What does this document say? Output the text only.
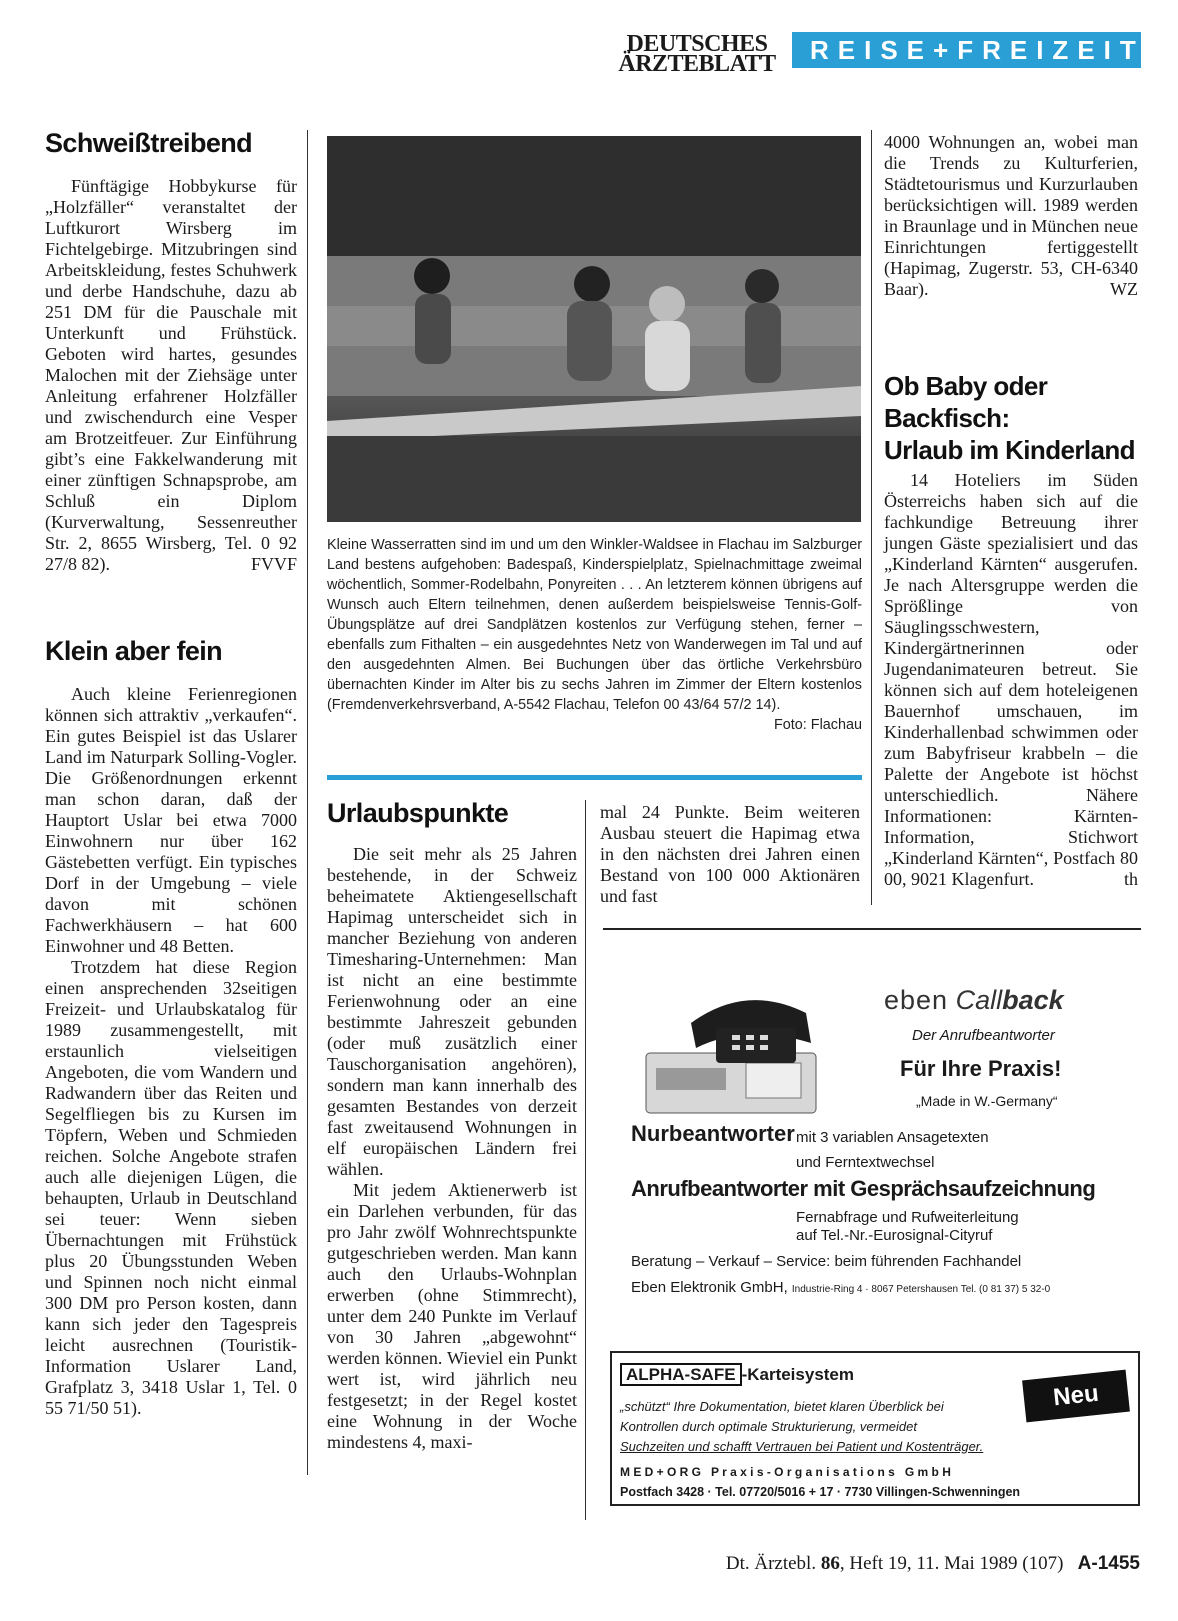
DEUTSCHES ÄRZTEBLATT	REISE+FREIZEIT
Schweißtreibend

Fünftägige Hobbykurse für „Holzfäller“ veranstaltet der Luftkurort Wirsberg im Fichtelgebirge. Mitzubringen sind Arbeitskleidung, festes Schuhwerk und derbe Handschuhe, dazu ab 251 DM für die Pauschale mit Unterkunft und Frühstück. Geboten wird hartes, gesundes Malochen mit der Ziehsäge unter Anleitung erfahrener Holzfäller und zwischendurch eine Vesper am Brotzeitfeuer. Zur Einführung gibt’s eine Fakkelwanderung mit einer zünftigen Schnapsprobe, am Schluß ein Diplom (Kurverwaltung, Sessenreuther Str. 2, 8655 Wirsberg, Tel. 0 92 27/8 82).	FVVF
Klein aber fein

Auch kleine Ferienregionen können sich attraktiv „verkaufen“. Ein gutes Beispiel ist das Uslarer Land im Naturpark Solling-Vogler. Die Größenordnungen erkennt man schon daran, daß der Hauptort Uslar bei etwa 7000 Einwohnern nur über 162 Gästebetten verfügt. Ein typisches Dorf in der Umgebung – viele davon mit schönen Fachwerkhäusern – hat 600 Einwohner und 48 Betten.

Trotzdem hat diese Region einen ansprechenden 32seitigen Freizeit- und Urlaubskatalog für 1989 zusammengestellt, mit erstaunlich vielseitigen Angeboten, die vom Wandern und Radwandern über das Reiten und Segelfliegen bis zu Kursen im Töpfern, Weben und Schmieden reichen. Solche Angebote strafen auch alle diejenigen Lügen, die behaupten, Urlaub in Deutschland sei teuer: Wenn sieben Übernachtungen mit Frühstück plus 20 Übungsstunden Weben und Spinnen noch nicht einmal 300 DM pro Person kosten, dann kann sich jeder den Tagespreis leicht ausrechnen (Touristik-Information Uslarer Land, Grafplatz 3, 3418 Uslar 1, Tel. 0 55 71/50 51).

Kleine Wasserratten sind im und um den Winkler-Waldsee in Flachau im Salzburger Land bestens aufgehoben: Badespaß, Kinderspielplatz, Spielnachmittage zweimal wöchentlich, Sommer-Rodelbahn, Ponyreiten . . . An letzterem können übrigens auf Wunsch auch Eltern teilnehmen, denen außerdem beispielsweise Tennis-Golf-Übungsplätze auf drei Sandplätzen kostenlos zur Verfügung stehen, ferner – ebenfalls zum Fithalten – ein ausgedehntes Netz von Wanderwegen im Tal und auf den ausgedehnten Almen. Bei Buchungen über das örtliche Verkehrsbüro übernachten Kinder im Alter bis zu sechs Jahren im Zimmer der Eltern kostenlos (Fremdenverkehrsverband, A-5542 Flachau, Telefon 00 43/64 57/2 14).
Foto: Flachau
Urlaubspunkte

Die seit mehr als 25 Jahren bestehende, in der Schweiz beheimatete Aktiengesellschaft Hapimag unterscheidet sich in mancher Beziehung von anderen Timesharing-Unternehmen: Man ist nicht an eine bestimmte Ferienwohnung oder an eine bestimmte Jahreszeit gebunden (oder muß zusätzlich einer Tauschorganisation angehören), sondern man kann innerhalb des gesamten Bestandes von derzeit fast zweitausend Wohnungen in elf europäischen Ländern frei wählen.

Mit jedem Aktienerwerb ist ein Darlehen verbunden, für das pro Jahr zwölf Wohnrechtspunkte gutgeschrieben werden. Man kann auch den Urlaubs-Wohnplan erwerben (ohne Stimmrecht), unter dem 240 Punkte im Verlauf von 30 Jahren „abgewohnt“ werden können. Wieviel ein Punkt wert ist, wird jährlich neu festgesetzt; in der Regel kostet eine Wohnung in der Woche mindestens 4, maxi-

mal 24 Punkte. Beim weiteren Ausbau steuert die Hapimag etwa in den nächsten drei Jahren einen Bestand von 100 000 Aktionären und fast

4000 Wohnungen an, wobei man die Trends zu Kulturferien, Städtetourismus und Kurzurlauben berücksichtigen will. 1989 werden in Braunlage und in München neue Einrichtungen fertiggestellt (Hapimag, Zugerstr. 53, CH-6340 Baar).	WZ
Ob Baby oder
Backfisch:
Urlaub im Kinderland

14 Hoteliers im Süden Österreichs haben sich auf die fachkundige Betreuung ihrer jungen Gäste spezialisiert und das „Kinderland Kärnten“ ausgerufen. Je nach Altersgruppe werden die Sprößlinge von Säuglingsschwestern, Kindergärtnerinnen oder Jugendanimateuren betreut. Sie können sich auf dem hoteleigenen Bauernhof umschauen, im Kinderhallenbad schwimmen oder zum Babyfriseur krabbeln – die Palette der Angebote ist höchst unterschiedlich. Nähere Informationen: Kärnten-Information, Stichwort „Kinderland Kärnten“, Postfach 80 00, 9021 Klagenfurt.	th
eben Callback
Der Anrufbeantworter
Für Ihre Praxis!
„Made in W.-Germany“
Nurbeantworter mit 3 variablen Ansagetexten
und Ferntextwechsel
Anrufbeantworter mit Gesprächsaufzeichnung
Fernabfrage und Rufweiterleitung
auf Tel.-Nr.-Eurosignal-Cityruf
Beratung – Verkauf – Service: beim führenden Fachhandel
Eben Elektronik GmbH, Industrie-Ring 4 · 8067 Petershausen Tel. (0 81 37) 5 32-0
ALPHA-SAFE -Karteisystem
Neu
„schützt“ Ihre Dokumentation, bietet klaren Überblick bei
Kontrollen durch optimale Strukturierung, vermeidet
Suchzeiten und schafft Vertrauen bei Patient und Kostenträger.
M E D + O R G   P r a x i s - O r g a n i s a t i o n s   G m b H
Postfach 3428 · Tel. 07720/5016 + 17 · 7730 Villingen-Schwenningen
Dt. Ärztebl. 86, Heft 19, 11. Mai 1989 (107) A-1455
